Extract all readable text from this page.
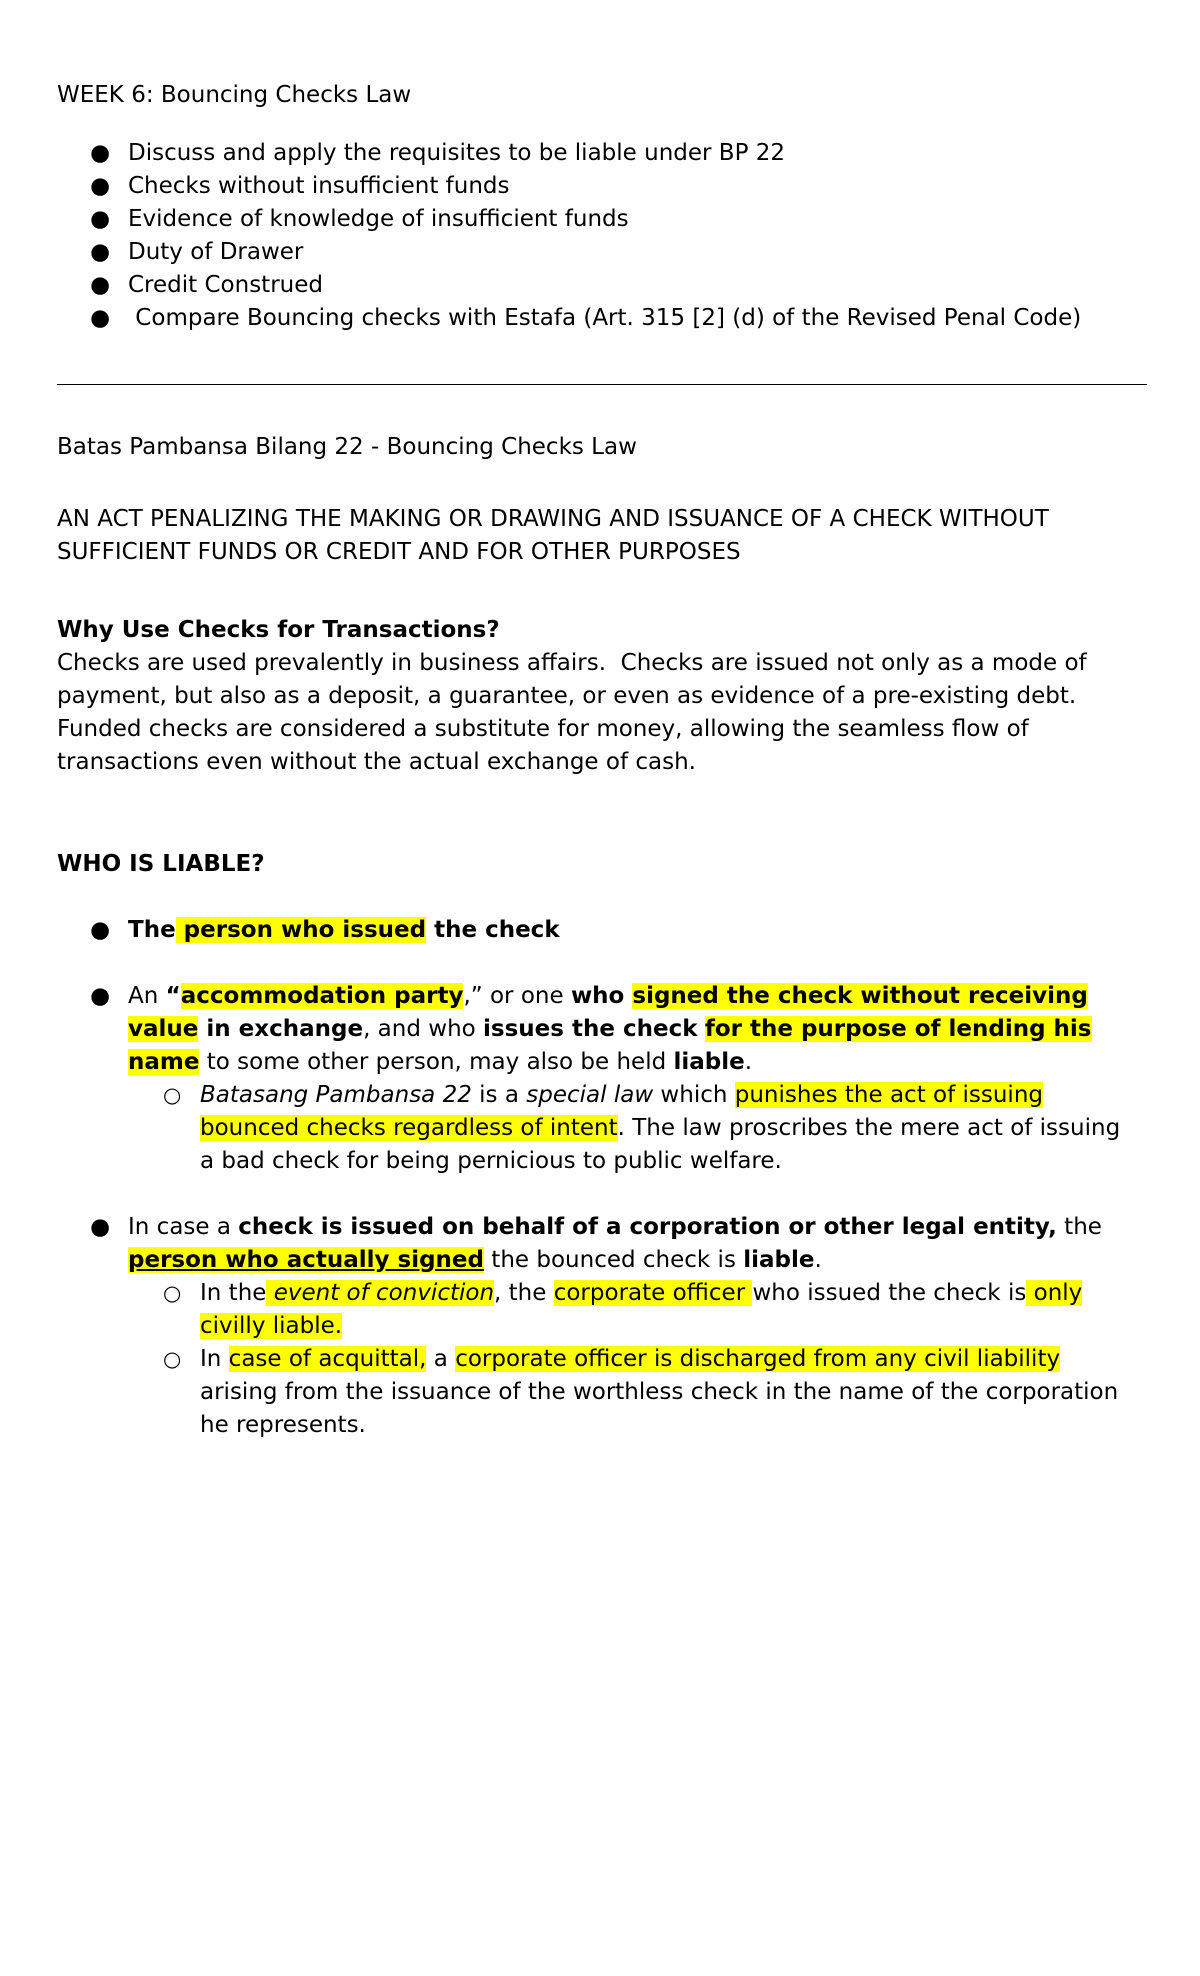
WEEK 6: Bouncing Checks Law
● Discuss and apply the requisites to be liable under BP 22
● Checks without insufficient funds
● Evidence of knowledge of insufficient funds
● Duty of Drawer
● Credit Construed
● Compare Bouncing checks with Estafa (Art. 315 [2] (d) of the Revised Penal Code)
Batas Pambansa Bilang 22 - Bouncing Checks Law
AN ACT PENALIZING THE MAKING OR DRAWING AND ISSUANCE OF A CHECK WITHOUT
SUFFICIENT FUNDS OR CREDIT AND FOR OTHER PURPOSES
Why Use Checks for Transactions?
Checks are used prevalently in business affairs.  Checks are issued not only as a mode of
payment, but also as a deposit, a guarantee, or even as evidence of a pre-existing debt.
Funded checks are considered a substitute for money, allowing the seamless flow of
transactions even without the actual exchange of cash.
WHO IS LIABLE?
● The person who issued the check
● An “accommodation party,” or one who signed the check without receiving
value in exchange, and who issues the check for the purpose of lending his
name to some other person, may also be held liable.
○ Batasang Pambansa 22 is a special law which punishes the act of issuing
bounced checks regardless of intent. The law proscribes the mere act of issuing
a bad check for being pernicious to public welfare.
● In case a check is issued on behalf of a corporation or other legal entity, the
person who actually signed the bounced check is liable.
○ In the event of conviction, the corporate officer who issued the check is only
civilly liable.
○ In case of acquittal, a corporate officer is discharged from any civil liability
arising from the issuance of the worthless check in the name of the corporation
he represents.
